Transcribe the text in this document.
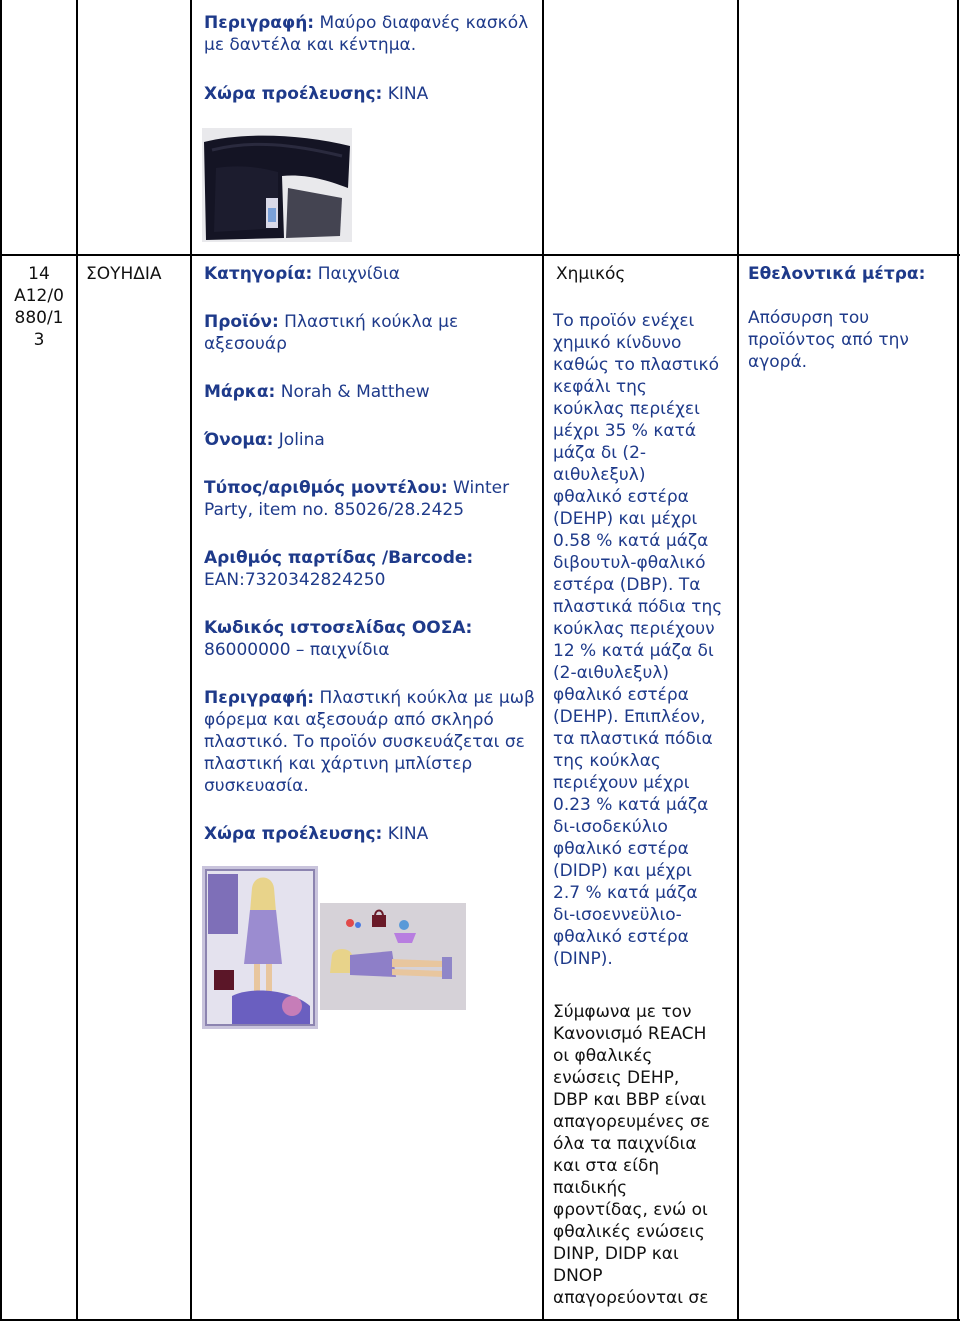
Περιγραφή: Μαύρο διαφανές κασκόλ με δαντέλα και κέντημα.

Χώρα προέλευσης: ΚΙΝΑ

14
A12/0
880/1
3
ΣΟΥΗΔΙΑ Κατηγορία: Παιχνίδια

Προϊόν: Πλαστική κούκλα με αξεσουάρ

Μάρκα: Norah & Matthew

Όνομα: Jolina

Τύπος/αριθμός μοντέλου: Winter Party, item no. 85026/28.2425

Αριθμός παρτίδας /Barcode: EAN:7320342824250

Κωδικός ιστοσελίδας ΟΟΣΑ: 86000000 – παιχνίδια

Περιγραφή: Πλαστική κούκλα με μωβ φόρεμα και αξεσουάρ από σκληρό πλαστικό. Το προϊόν συσκευάζεται σε πλαστική και χάρτινη μπλίστερ συσκευασία.

Χώρα προέλευσης: ΚΙΝΑ

Χημικός
Το προϊόν ενέχει
χημικό κίνδυνο
καθώς το πλαστικό
κεφάλι της
κούκλας περιέχει
μέχρι 35 % κατά
μάζα δι (2-
αιθυλεξυλ)
φθαλικό εστέρα
(DEHP) και μέχρι
0.58 % κατά μάζα
διβουτυλ-φθαλικό
εστέρα (DBP). Τα
πλαστικά πόδια της
κούκλας περιέχουν
12 % κατά μάζα δι
(2-αιθυλεξυλ)
φθαλικό εστέρα
(DEHP). Επιπλέον,
τα πλαστικά πόδια
της κούκλας
περιέχουν μέχρι
0.23 % κατά μάζα
δι-ισοδεκύλιο
φθαλικό εστέρα
(DIDP) και μέχρι
2.7 % κατά μάζα
δι-ισοεννεϋλιο-
φθαλικό εστέρα
(DINP).
Σύμφωνα με τον
Κανονισμό REACH
οι φθαλικές
ενώσεις DEHP,
DBP και BBP είναι
απαγορευμένες σε
όλα τα παιχνίδια
και στα είδη
παιδικής
φροντίδας, ενώ οι
φθαλικές ενώσεις
DINP, DIDP και
DNOP
απαγορεύονται σε
Εθελοντικά μέτρα:
Απόσυρση του
προϊόντος από την
αγορά.
